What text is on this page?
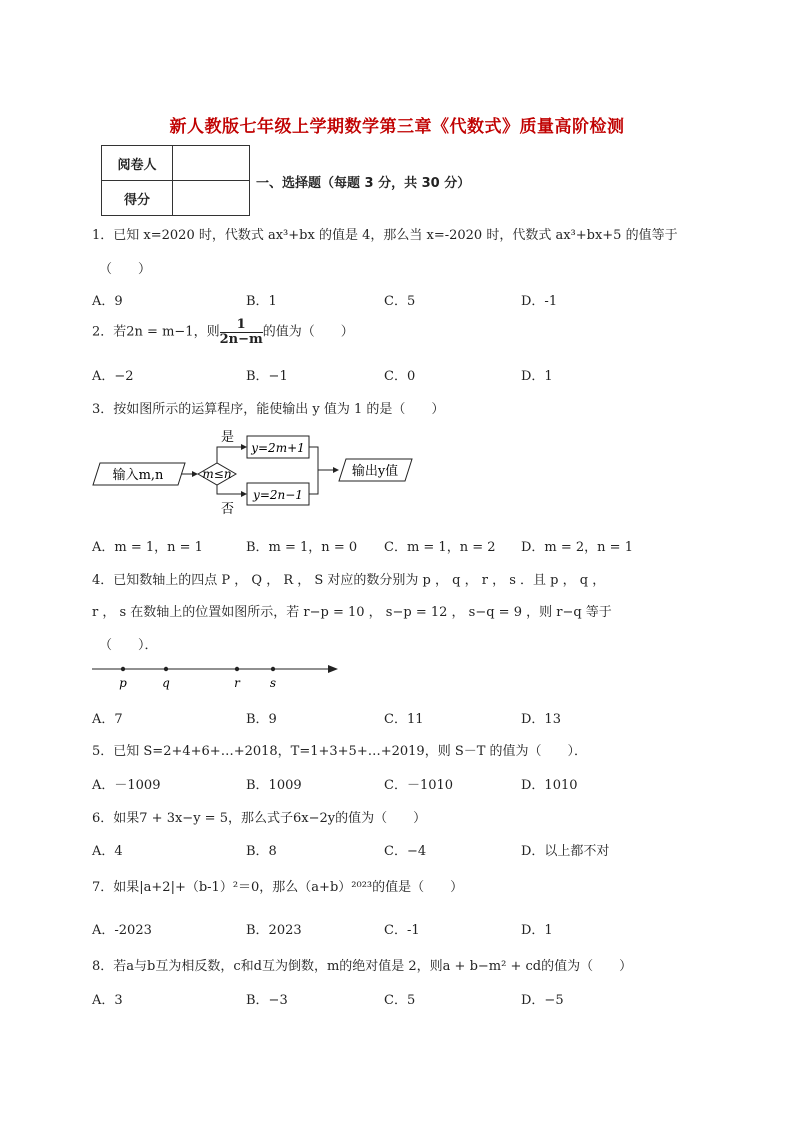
新人教版七年级上学期数学第三章《代数式》质量高阶检测
阅卷人	
得分	
一、选择题（每题 3 分，共 30 分）
1．已知 x=2020 时，代数式 ax³+bx 的值是 4，那么当 x=-2020 时，代数式 ax³+bx+5 的值等于
（　　）
A．9	B．1	C．5	D．-1
2．若2n = m−1，则 $\frac{1}{2n-m}$ 的值为（　　）
A．−2	B．−1	C．0	D．1
3．按如图所示的运算程序，能使输出 y 值为 1 的是（　　）
输入m,n	m≤n
是
否
y=2m+1
y=2n−1
输出y值
A．m = 1，n = 1	B．m = 1，n = 0 C．m = 1，n = 2 D．m = 2，n = 1
4．已知数轴上的四点 P ， Q ， R ， S 对应的数分别为 p ， q ， r ， s ．且 p ， q ，
r ， s 在数轴上的位置如图所示，若 r−p = 10 ， s−p = 12 ， s−q = 9 ，则 r−q 等于
（　　）．
p	q	r	s
A．7	B．9	C．11	D．13
5．已知 S=2+4+6+…+2018，T=1+3+5+…+2019，则 S－T 的值为（　　）．
A．－1009	B．1009	C．－1010	D．1010
6．如果7 + 3x−y = 5，那么式子6x−2y的值为（　　）
A．4	B．8	C．−4	D．以上都不对
7．如果|a+2|+（b-1）²＝0，那么（a+b）²⁰²³的值是（　　）
A．-2023	B．2023	C．-1	D．1
8．若a与b互为相反数，c和d互为倒数，m的绝对值是 2，则a + b−m² + cd的值为（　　）
A．3	B．−3	C．5	D．−5
